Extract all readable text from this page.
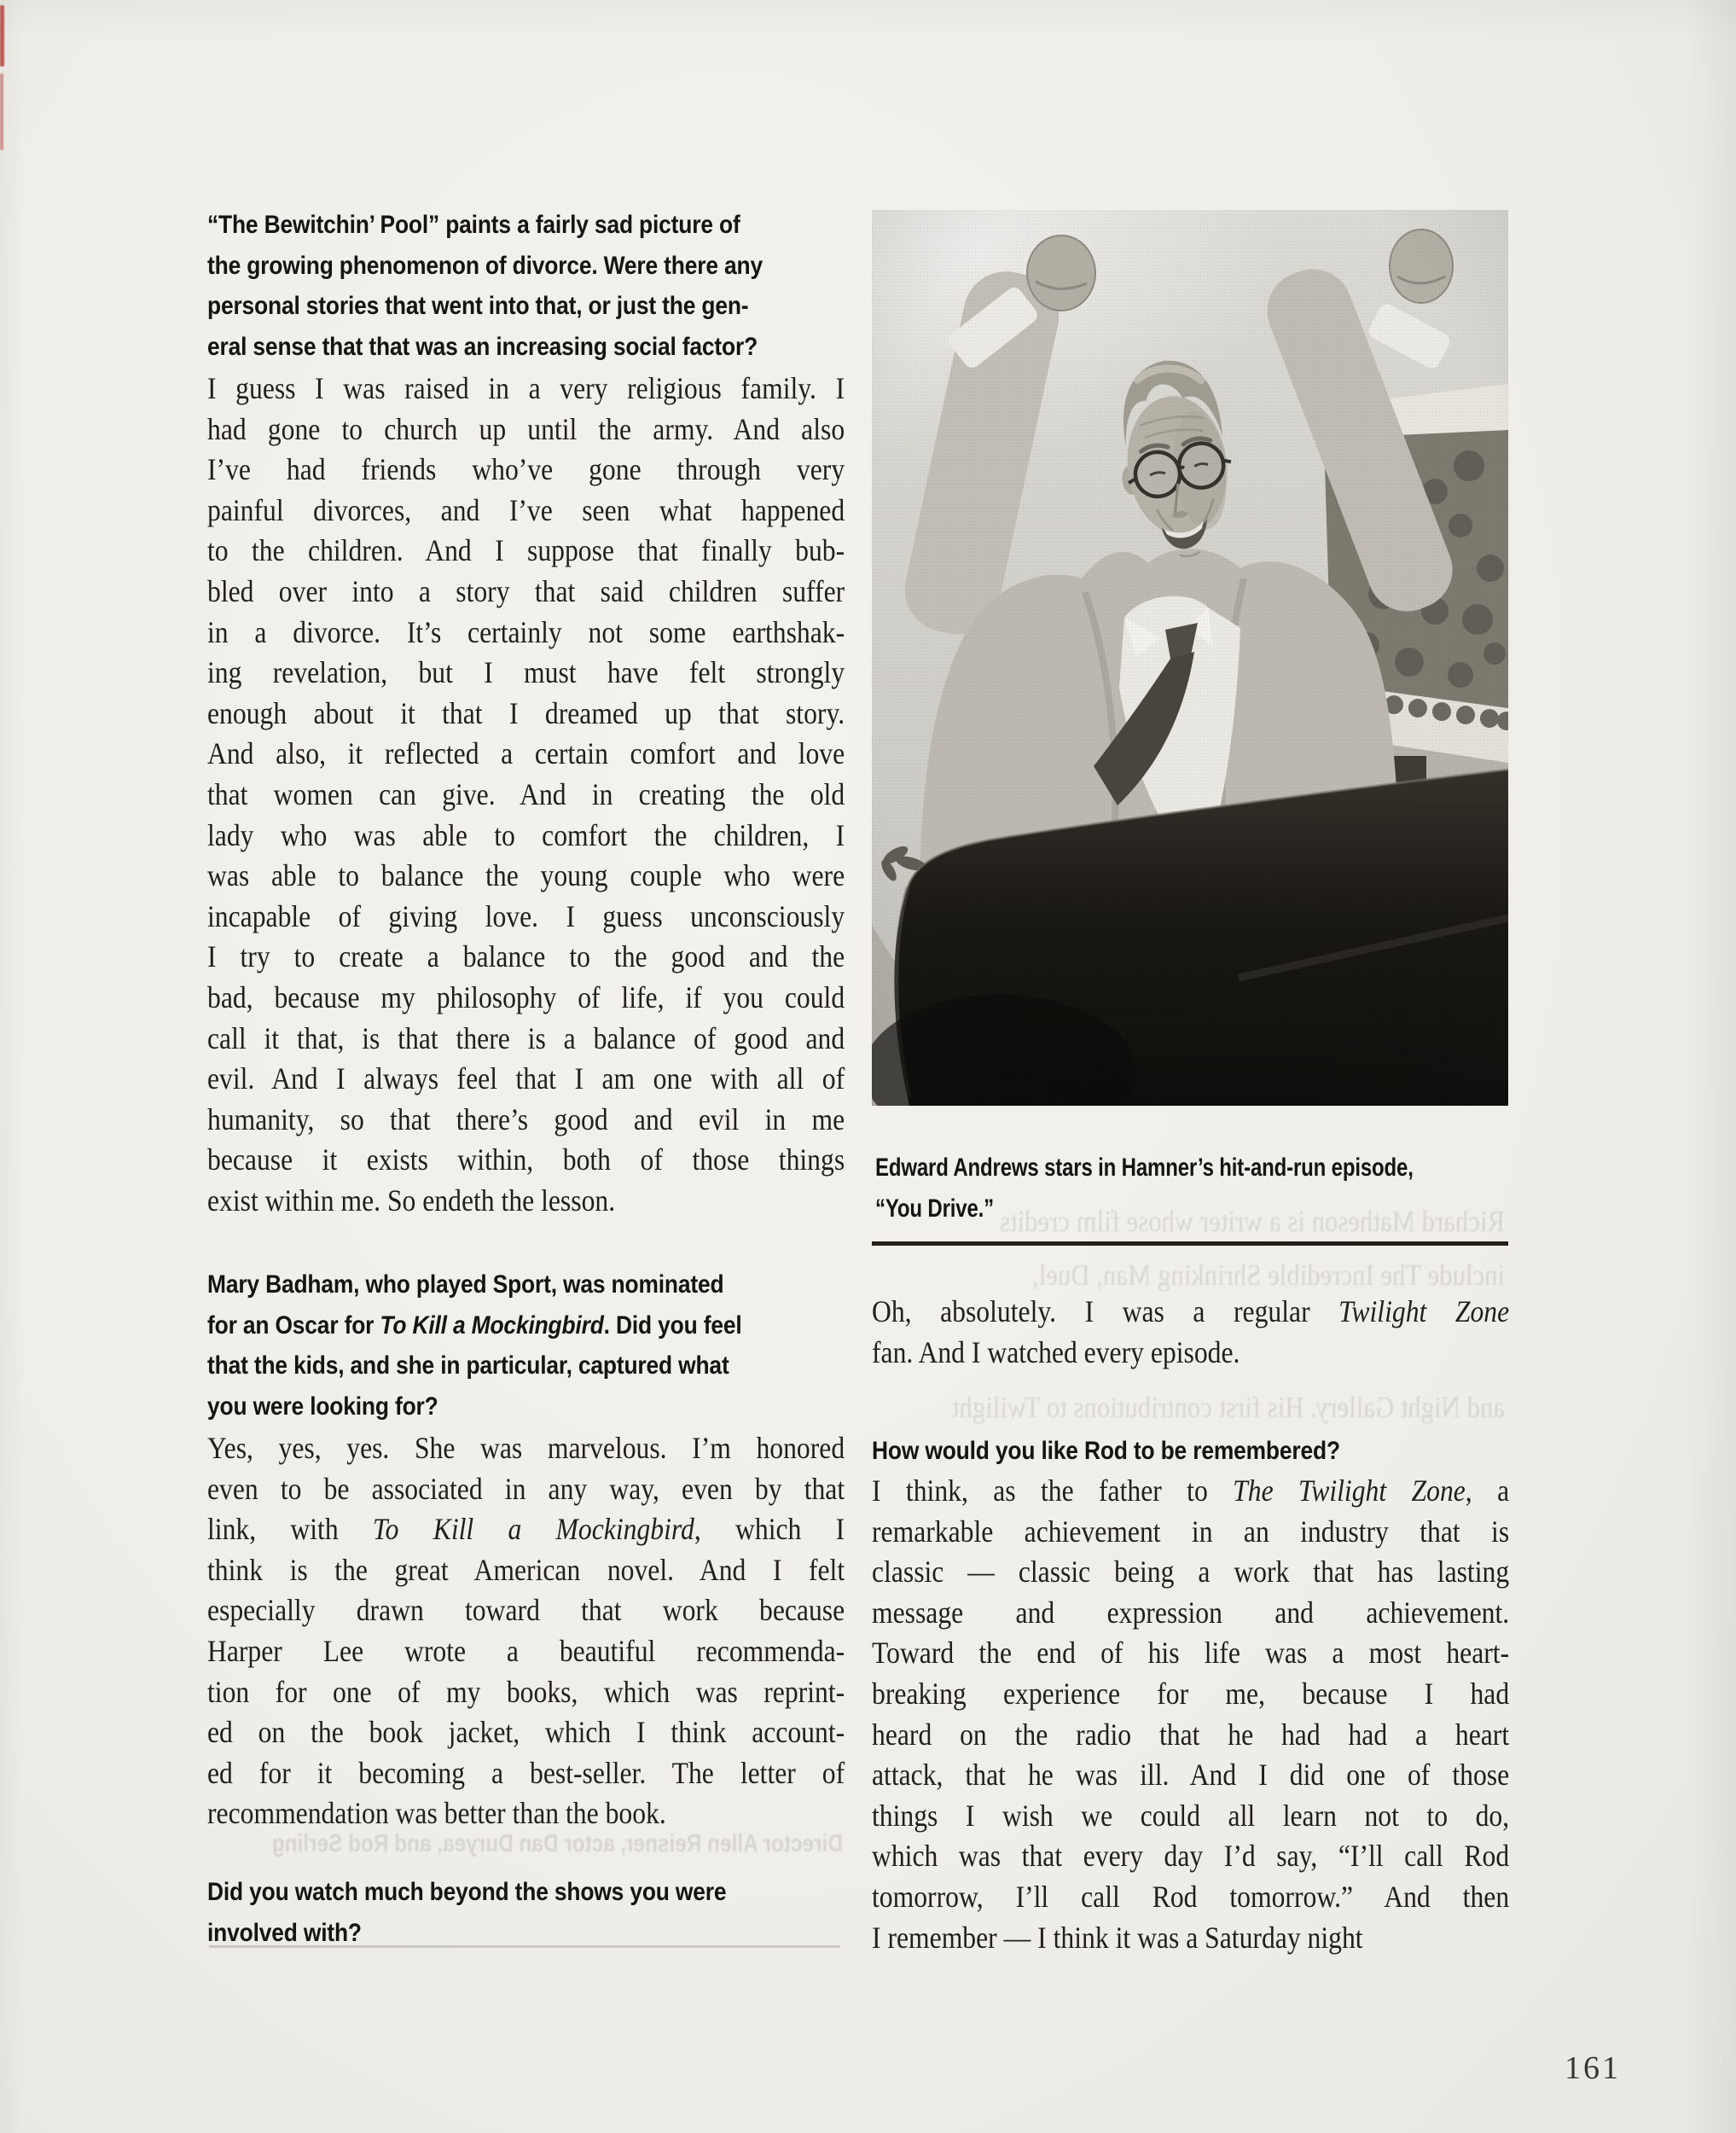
“The Bewitchin’ Pool” paints a fairly sad picture of
the growing phenomenon of divorce. Were there any
personal stories that went into that, or just the gen-
eral sense that that was an increasing social factor?
I guess I was raised in a very religious family. I
had gone to church up until the army. And also
I’ve had friends who’ve gone through very
painful divorces, and I’ve seen what happened
to the children. And I suppose that finally bub-
bled over into a story that said children suffer
in a divorce. It’s certainly not some earthshak-
ing revelation, but I must have felt strongly
enough about it that I dreamed up that story.
And also, it reflected a certain comfort and love
that women can give. And in creating the old
lady who was able to comfort the children, I
was able to balance the young couple who were
incapable of giving love. I guess unconsciously
I try to create a balance to the good and the
bad, because my philosophy of life, if you could
call it that, is that there is a balance of good and
evil. And I always feel that I am one with all of
humanity, so that there’s good and evil in me
because it exists within, both of those things
exist within me. So endeth the lesson.
Mary Badham, who played Sport, was nominated
for an Oscar for To Kill a Mockingbird. Did you feel
that the kids, and she in particular, captured what
you were looking for?
Yes, yes, yes. She was marvelous. I’m honored
even to be associated in any way, even by that
link, with To Kill a Mockingbird, which I
think is the great American novel. And I felt
especially drawn toward that work because
Harper Lee wrote a beautiful recommenda-
tion for one of my books, which was reprint-
ed on the book jacket, which I think account-
ed for it becoming a best-seller. The letter of
recommendation was better than the book.
Director Allen Reisner, actor Dan Duryea, and Rod Serling
Did you watch much beyond the shows you were
involved with?
Edward Andrews stars in Hamner’s hit-and-run episode,
“You Drive.” Richard Matheson is a writer whose film credits
include The Incredible Shrinking Man, Duel,
Oh, absolutely. I was a regular Twilight Zone
fan. And I watched every episode.
and Night Gallery. His first contributions to Twilight
How would you like Rod to be remembered?
I think, as the father to The Twilight Zone, a
remarkable achievement in an industry that is
classic — classic being a work that has lasting
message and expression and achievement.
Toward the end of his life was a most heart-
breaking experience for me, because I had
heard on the radio that he had had a heart
attack, that he was ill. And I did one of those
things I wish we could all learn not to do,
which was that every day I’d say, “I’ll call Rod
tomorrow, I’ll call Rod tomorrow.” And then
I remember — I think it was a Saturday night
161
